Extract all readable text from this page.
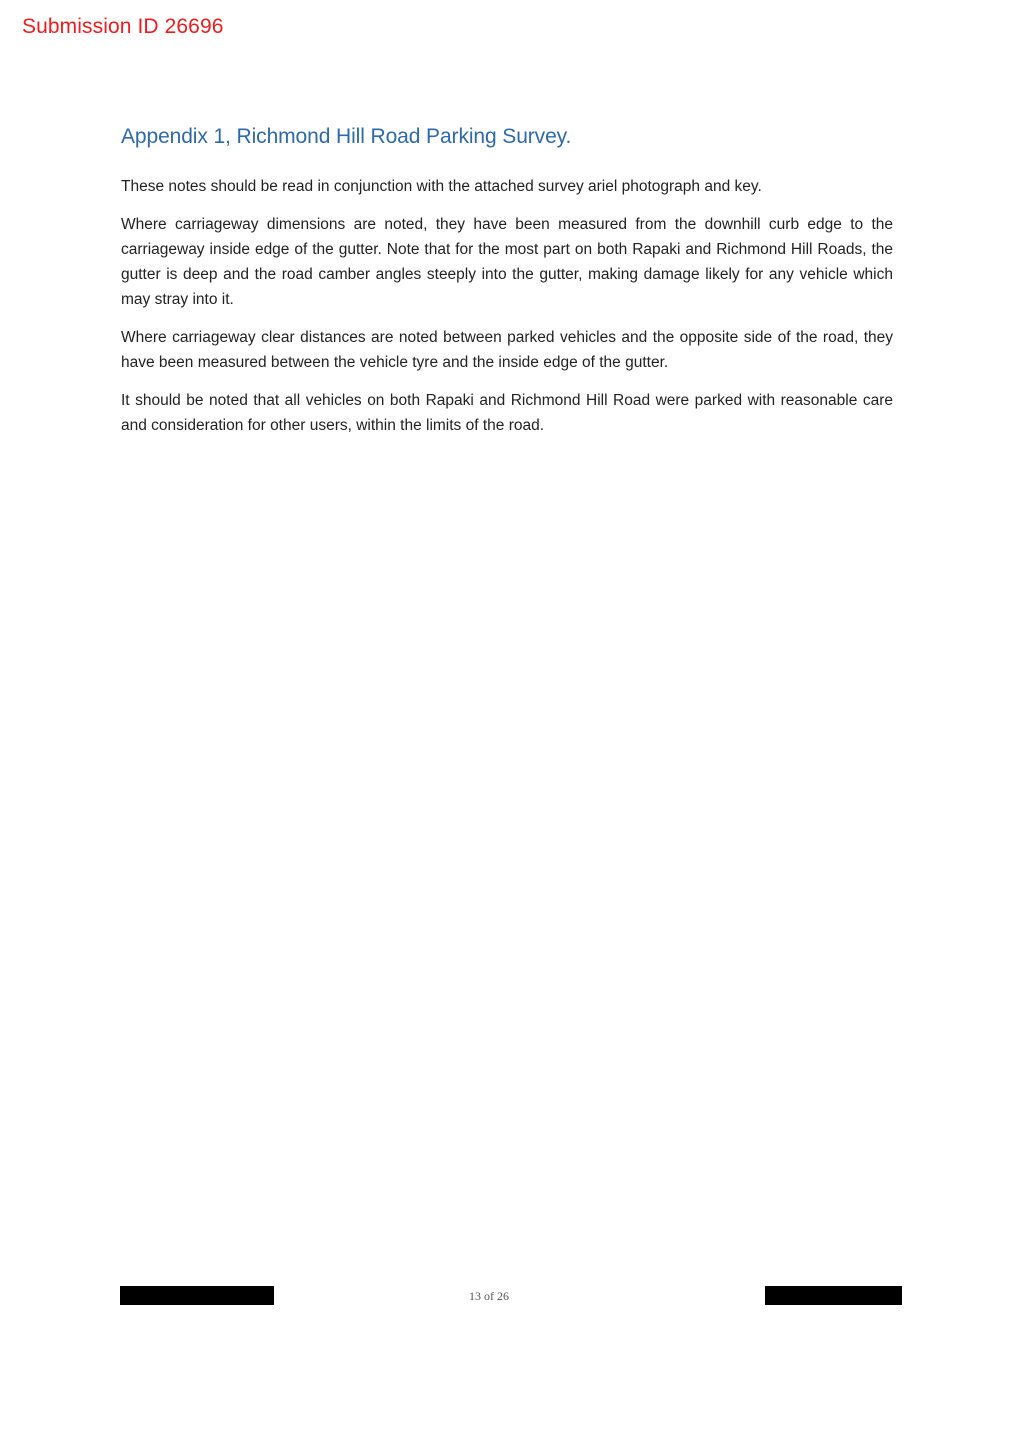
Submission ID 26696
Appendix 1, Richmond Hill Road Parking Survey.

These notes should be read in conjunction with the attached survey ariel photograph and key.

Where carriageway dimensions are noted, they have been measured from the downhill curb edge to the carriageway inside edge of the gutter. Note that for the most part on both Rapaki and Richmond Hill Roads, the gutter is deep and the road camber angles steeply into the gutter, making damage likely for any vehicle which may stray into it.

Where carriageway clear distances are noted between parked vehicles and the opposite side of the road, they have been measured between the vehicle tyre and the inside edge of the gutter.

It should be noted that all vehicles on both Rapaki and Richmond Hill Road were parked with reasonable care and consideration for other users, within the limits of the road.

13 of 26
